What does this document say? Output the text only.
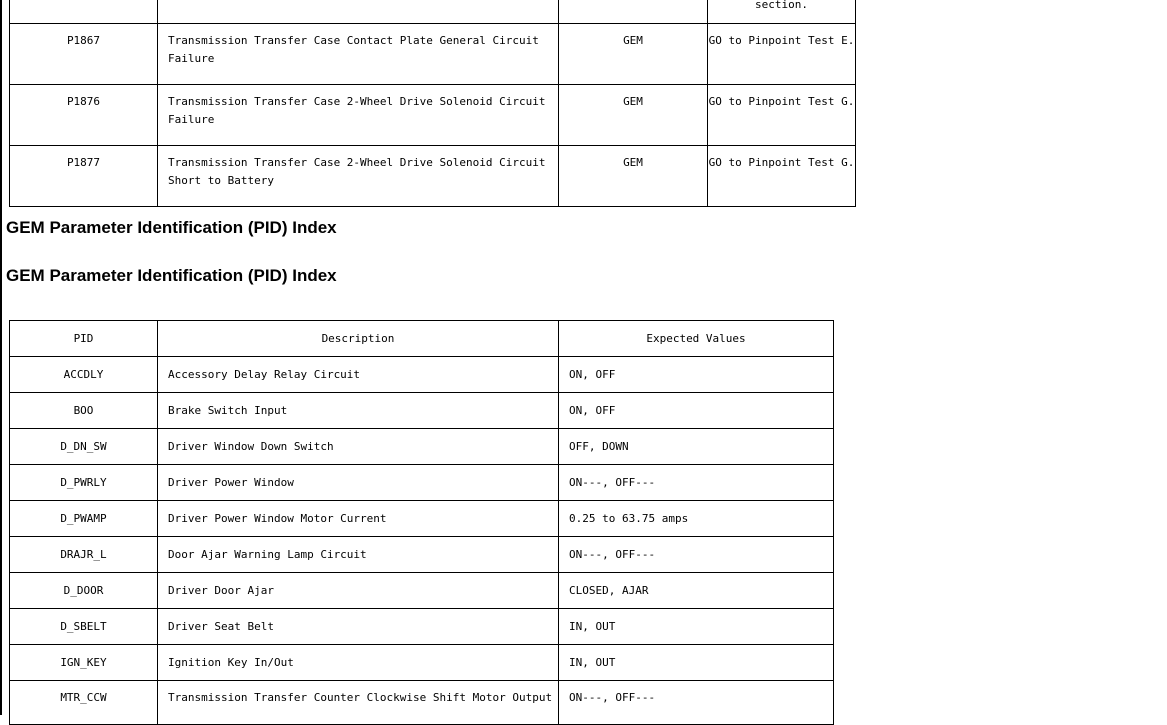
			section.
P1867	Transmission Transfer Case Contact Plate General Circuit Failure	GEM	GO to Pinpoint Test E.
P1876	Transmission Transfer Case 2-Wheel Drive Solenoid Circuit Failure	GEM	GO to Pinpoint Test G.
P1877	Transmission Transfer Case 2-Wheel Drive Solenoid Circuit Short to Battery	GEM	GO to Pinpoint Test G.
GEM Parameter Identification (PID) Index
GEM Parameter Identification (PID) Index
PID	Description	Expected Values
ACCDLY	Accessory Delay Relay Circuit	ON, OFF
BOO	Brake Switch Input	ON, OFF
D_DN_SW	Driver Window Down Switch	OFF, DOWN
D_PWRLY	Driver Power Window	ON---, OFF---
D_PWAMP	Driver Power Window Motor Current	0.25 to 63.75 amps
DRAJR_L	Door Ajar Warning Lamp Circuit	ON---, OFF---
D_DOOR	Driver Door Ajar	CLOSED, AJAR
D_SBELT	Driver Seat Belt	IN, OUT
IGN_KEY	Ignition Key In/Out	IN, OUT
MTR_CCW	Transmission Transfer Counter Clockwise Shift Motor Output	ON---, OFF---
